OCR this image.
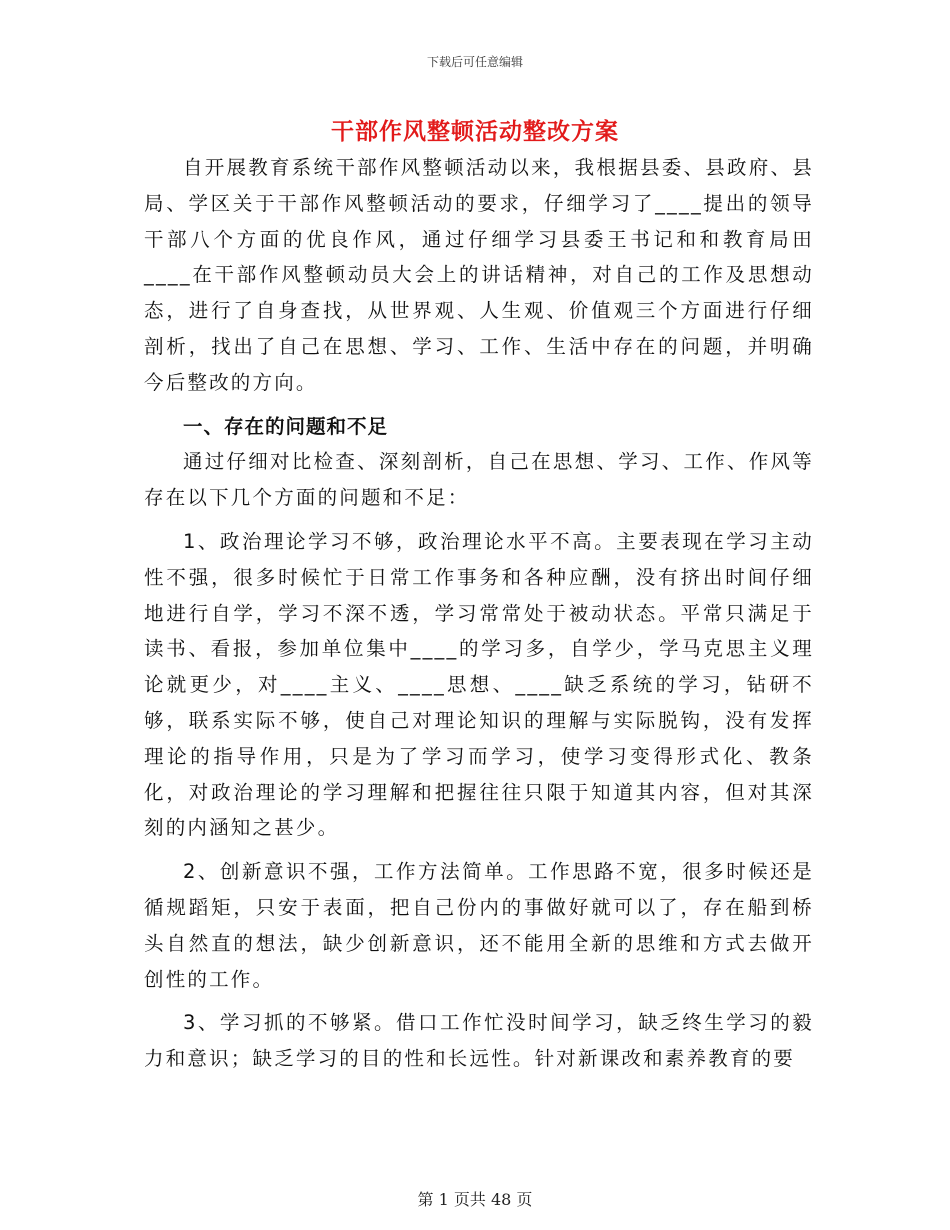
下载后可任意编辑
干部作风整顿活动整改方案

自开展教育系统干部作风整顿活动以来，我根据县委、县政府、县局、学区关于干部作风整顿活动的要求，仔细学习了____提出的领导干部八个方面的优良作风，通过仔细学习县委王书记和和教育局田____在干部作风整顿动员大会上的讲话精神，对自己的工作及思想动态，进行了自身查找，从世界观、人生观、价值观三个方面进行仔细剖析，找出了自己在思想、学习、工作、生活中存在的问题，并明确今后整改的方向。

一、存在的问题和不足

通过仔细对比检查、深刻剖析，自己在思想、学习、工作、作风等存在以下几个方面的问题和不足：

1、政治理论学习不够，政治理论水平不高。主要表现在学习主动性不强，很多时候忙于日常工作事务和各种应酬，没有挤出时间仔细地进行自学，学习不深不透，学习常常处于被动状态。平常只满足于读书、看报，参加单位集中____的学习多，自学少，学马克思主义理论就更少，对____主义、____思想、____缺乏系统的学习，钻研不够，联系实际不够，使自己对理论知识的理解与实际脱钩，没有发挥理论的指导作用，只是为了学习而学习，使学习变得形式化、教条化，对政治理论的学习理解和把握往往只限于知道其内容，但对其深刻的内涵知之甚少。

2、创新意识不强，工作方法简单。工作思路不宽，很多时候还是循规蹈矩，只安于表面，把自己份内的事做好就可以了，存在船到桥头自然直的想法，缺少创新意识，还不能用全新的思维和方式去做开创性的工作。

3、学习抓的不够紧。借口工作忙没时间学习，缺乏终生学习的毅力和意识；缺乏学习的目的性和长远性。针对新课改和素养教育的要

第 1 页共 48 页
